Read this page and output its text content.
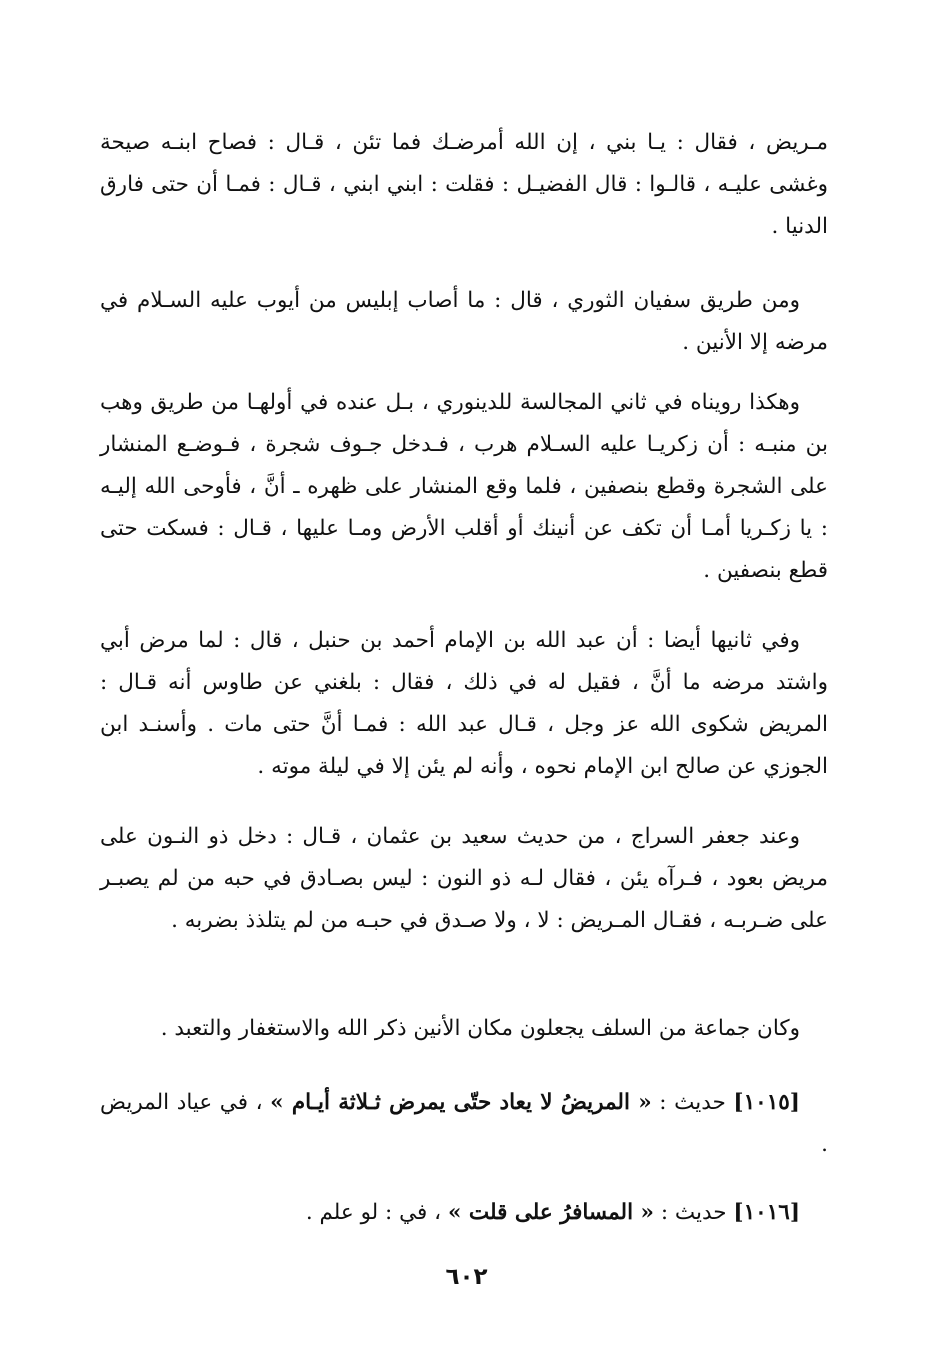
مـريض ، فقال : يـا بني ، إن الله أمرضـك فما تئن ، قـال : فصاح ابنـه صيحة وغشى عليـه ، قالـوا : قال الفضيـل : فقلت : ابني ابني ، قـال : فمـا أن حتى فارق الدنيا .

ومن طريق سفيان الثوري ، قال : ما أصاب إبليس من أيوب عليه السـلام في مرضه إلا الأنين .

وهكذا رويناه في ثاني المجالسة للدينوري ، بـل عنده في أولهـا من طريق وهب بن منبـه : أن زكريـا عليه السـلام هرب ، فـدخل جـوف شجرة ، فـوضـع المنشار على الشجرة وقطع بنصفين ، فلما وقع المنشار على ظهره ـ أنَّ ، فأوحى الله إليـه : يا زكـريا أمـا أن تكف عن أنينك أو أقلب الأرض ومـا عليها ، قـال : فسكت حتى قطع بنصفين .

وفي ثانيها أيضا : أن عبد الله بن الإمام أحمد بن حنبل ، قال : لما مرض أبي واشتد مرضه ما أنَّ ، فقيل له في ذلك ، فقال : بلغني عن طاوس أنه قـال : المريض شكوى الله عز وجل ، قـال عبد الله : فمـا أنَّ حتى مات . وأسنـد ابن الجوزي عن صالح ابن الإمام نحوه ، وأنه لم يئن إلا في ليلة موته .

وعند جعفر السراج ، من حديث سعيد بن عثمان ، قـال : دخل ذو النـون على مريض بعود ، فـرآه يئن ، فقال لـه ذو النون : ليس بصـادق في حبه من لم يصبـر على ضـربـه ، فقـال المـريض : لا ، ولا صـدق في حبـه من لم يتلذذ بضربه .

وكان جماعة من السلف يجعلون مكان الأنين ذكر الله والاستغفار والتعبد .

[١٠١٥] حديث : « المريضُ لا يعاد حتّى يمرض ثـلاثة أيـام » ، في عياد المريض .

[١٠١٦] حديث : « المسافرُ على قلت » ، في : لو علم .

٦٠٢
